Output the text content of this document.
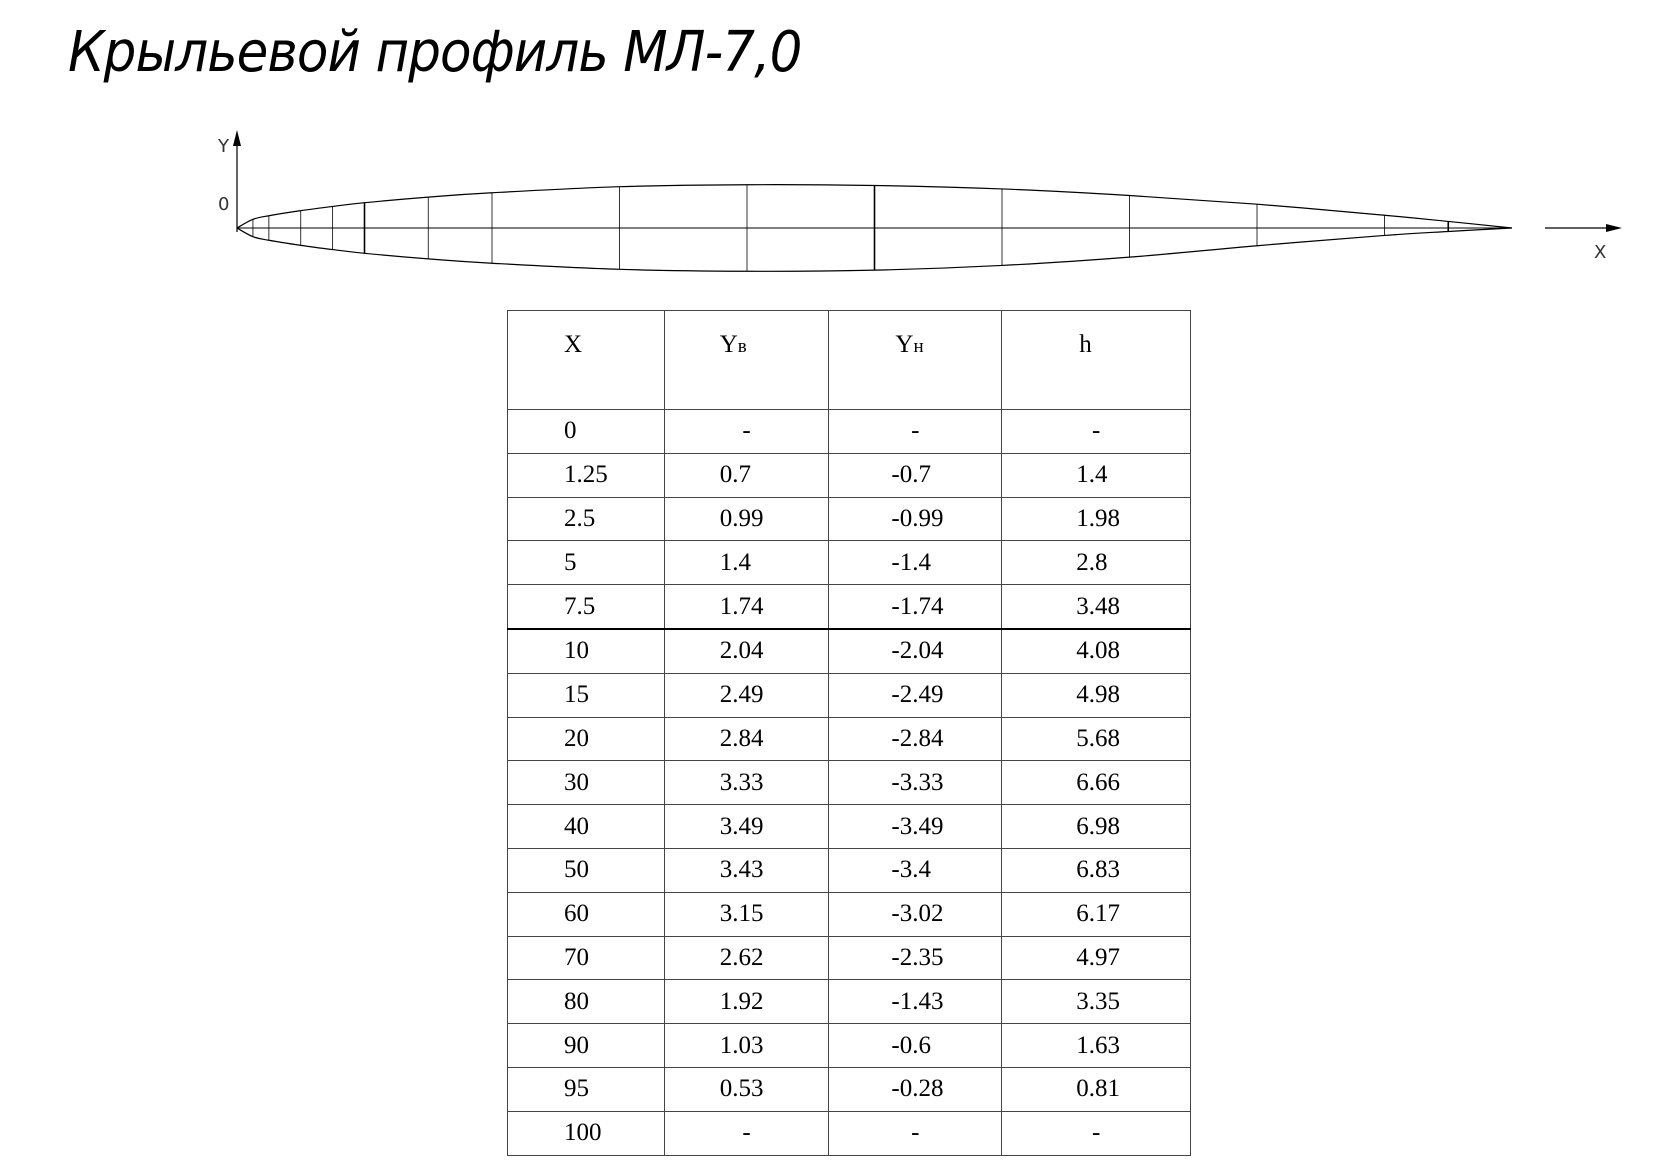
Крыльевой профиль МЛ-7,0
Y
0
X
X	Yв	Yн	h
0	-	-	-
1.25	0.7	-0.7	1.4
2.5	0.99	-0.99	1.98
5	1.4	-1.4	2.8
7.5	1.74	-1.74	3.48
10	2.04	-2.04	4.08
15	2.49	-2.49	4.98
20	2.84	-2.84	5.68
30	3.33	-3.33	6.66
40	3.49	-3.49	6.98
50	3.43	-3.4	6.83
60	3.15	-3.02	6.17
70	2.62	-2.35	4.97
80	1.92	-1.43	3.35
90	1.03	-0.6	1.63
95	0.53	-0.28	0.81
100	-	-	-
